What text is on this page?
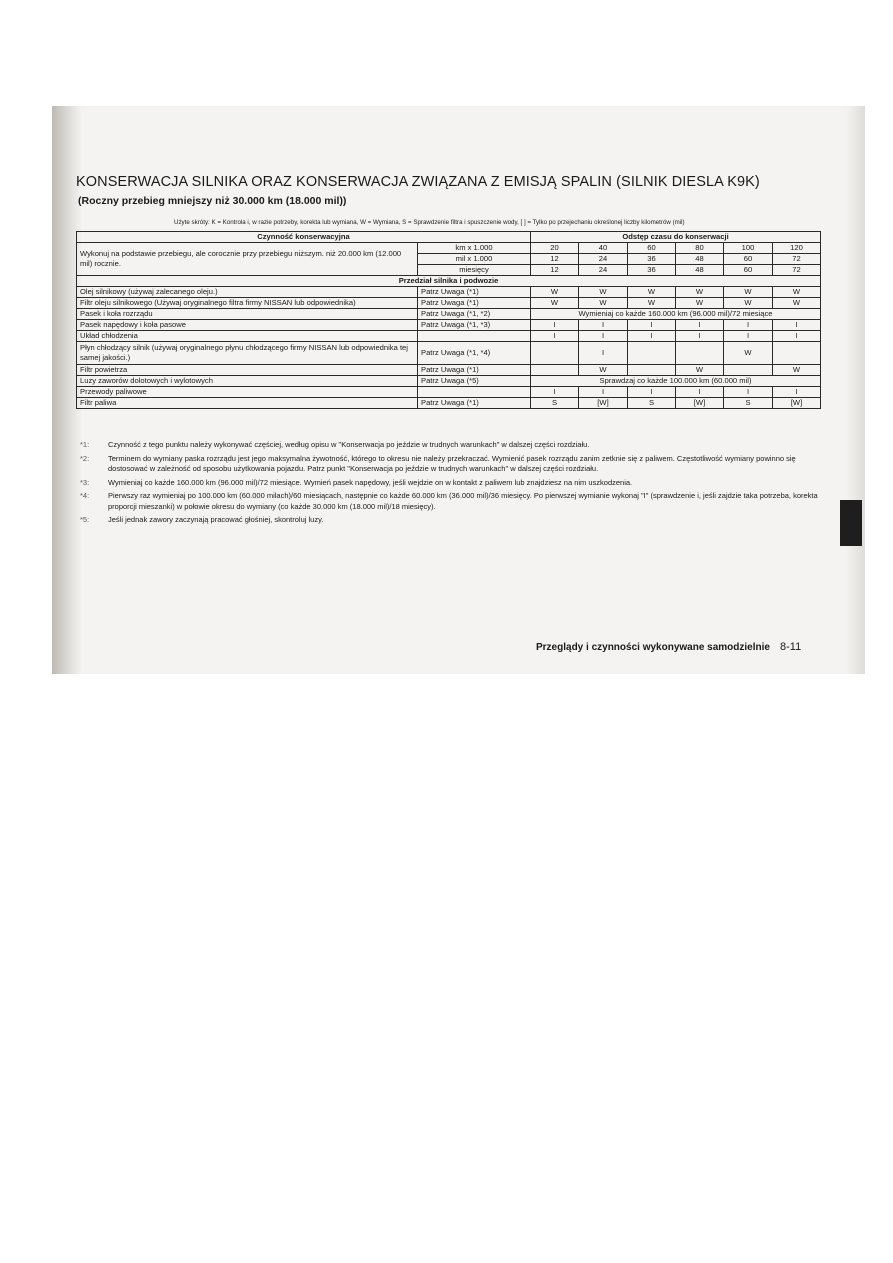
KONSERWACJA SILNIKA ORAZ KONSERWACJA ZWIĄZANA Z EMISJĄ SPALIN (SILNIK DIESLA K9K)
(Roczny przebieg mniejszy niż 30.000 km (18.000 mil))
Użyte skróty: K = Kontrola i, w razie potrzeby, korekta lub wymiana, W = Wymiana, S = Sprawdzenie filtra i spuszczenie wody, [ ] = Tylko po przejechaniu określonej liczby kilometrów (mil)
Czynność konserwacyjna		Odstęp czasu do konserwacji					
Wykonuj na podstawie przebiegu, ale corocznie przy przebiegu niższym. niż 20.000 km (12.000 mil) rocznie.	km x 1.000	20	40	60	80	100	120
	mil x 1.000	12	24	36	48	60	72
	miesięcy	12	24	36	48	60	72
Przedział silnika i podwozie							
Olej silnikowy (używaj zalecanego oleju.)	Patrz Uwaga (*1)	W	W	W	W	W	W
Filtr oleju silnikowego (Używaj oryginalnego filtra firmy NISSAN lub odpowiednika)	Patrz Uwaga (*1)	W	W	W	W	W	W
Pasek i koła rozrządu	Patrz Uwaga (*1, *2)	Wymieniaj co każde 160.000 km (96.000 mil)/72 miesiące					
Pasek napędowy i koła pasowe	Patrz Uwaga (*1, *3)	I	I	I	I	I	I
Układ chłodzenia		I	I	I	I	I	I
Płyn chłodzący silnik (używaj oryginalnego płynu chłodzącego firmy NISSAN lub odpowiednika tej samej jakości.)	Patrz Uwaga (*1, *4)		I			W	
Filtr powietrza	Patrz Uwaga (*1)		W		W		W
Luzy zaworów dolotowych i wylotowych	Patrz Uwaga (*5)	Sprawdzaj co każde 100.000 km (60.000 mil)					
Przewody paliwowe		I	I	I	I	I	I
Filtr paliwa	Patrz Uwaga (*1)	S	[W]	S	[W]	S	[W]
*1:	Czynność z tego punktu należy wykonywać częściej, według opisu w "Konserwacja po jeździe w trudnych warunkach" w dalszej części rozdziału.
*2:	Terminem do wymiany paska rozrządu jest jego maksymalna żywotność, którego to okresu nie należy przekraczać. Wymienić pasek rozrządu zanim zetknie się z paliwem. Częstotliwość wymiany powinno się dostosować w zależność od sposobu użytkowania pojazdu. Patrz punkt "Konserwacja po jeździe w trudnych warunkach" w dalszej części rozdziału.
*3:	Wymieniaj co każde 160.000 km (96.000 mil)/72 miesiące. Wymień pasek napędowy, jeśli wejdzie on w kontakt z paliwem lub znajdziesz na nim uszkodzenia.
*4:	Pierwszy raz wymieniaj po 100.000 km (60.000 milach)/60 miesiącach, następnie co każde 60.000 km (36.000 mil)/36 miesięcy. Po pierwszej wymianie wykonaj "I" (sprawdzenie i, jeśli zajdzie taka potrzeba, korekta proporcji mieszanki) w połowie okresu do wymiany (co każde 30.000 km (18.000 mil)/18 miesięcy).
*5:	Jeśli jednak zawory zaczynają pracować głośniej, skontroluj luzy.
Przeglądy i czynności wykonywane samodzielnie 8-11
